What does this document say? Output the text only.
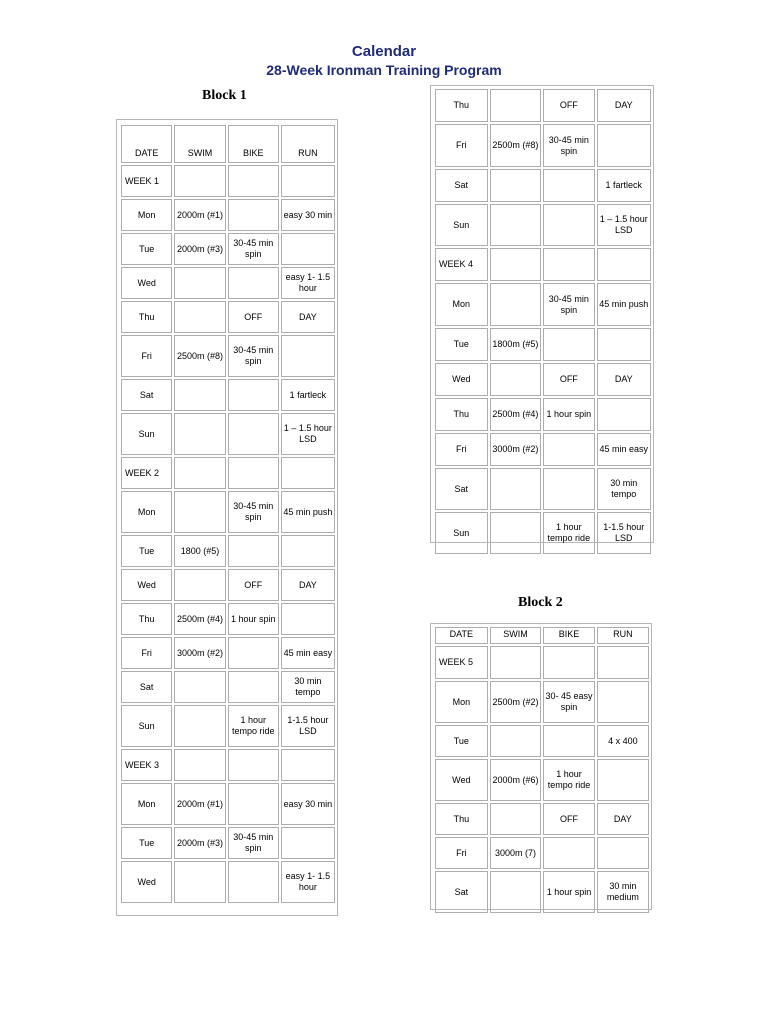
Calendar
28-Week Ironman Training Program
Block 1
Block 2
DATE	SWIM	BIKE	RUN
WEEK 1			
Mon	2000m (#1)		easy 30 min
Tue	2000m (#3)	30-45 min spin	
Wed			easy 1- 1.5 hour
Thu		OFF	DAY
Fri	2500m (#8)	30-45 min spin	
Sat			1 fartleck
Sun			1 – 1.5 hour LSD
WEEK 2			
Mon		30-45 min spin	45 min push
Tue	1800 (#5)		
Wed		OFF	DAY
Thu	2500m (#4)	1 hour spin	
Fri	3000m (#2)		45 min easy
Sat			30 min tempo
Sun		1 hour tempo ride	1-1.5 hour LSD
WEEK 3			
Mon	2000m (#1)		easy 30 min
Tue	2000m (#3)	30-45 min spin	
Wed			easy 1- 1.5 hour
Thu		OFF	DAY
Fri	2500m (#8)	30-45 min spin	
Sat			1 fartleck
Sun			1 – 1.5 hour LSD
WEEK 4			
Mon		30-45 min spin	45 min push
Tue	1800m (#5)		
Wed		OFF	DAY
Thu	2500m (#4)	1 hour spin	
Fri	3000m (#2)		45 min easy
Sat			30 min tempo
Sun		1 hour tempo ride	1-1.5 hour LSD
DATE	SWIM	BIKE	RUN
WEEK 5			
Mon	2500m (#2)	30- 45 easy spin	
Tue			4 x 400
Wed	2000m (#6)	1 hour tempo ride	
Thu		OFF	DAY
Fri	3000m (7)		
Sat		1 hour spin	30 min medium
